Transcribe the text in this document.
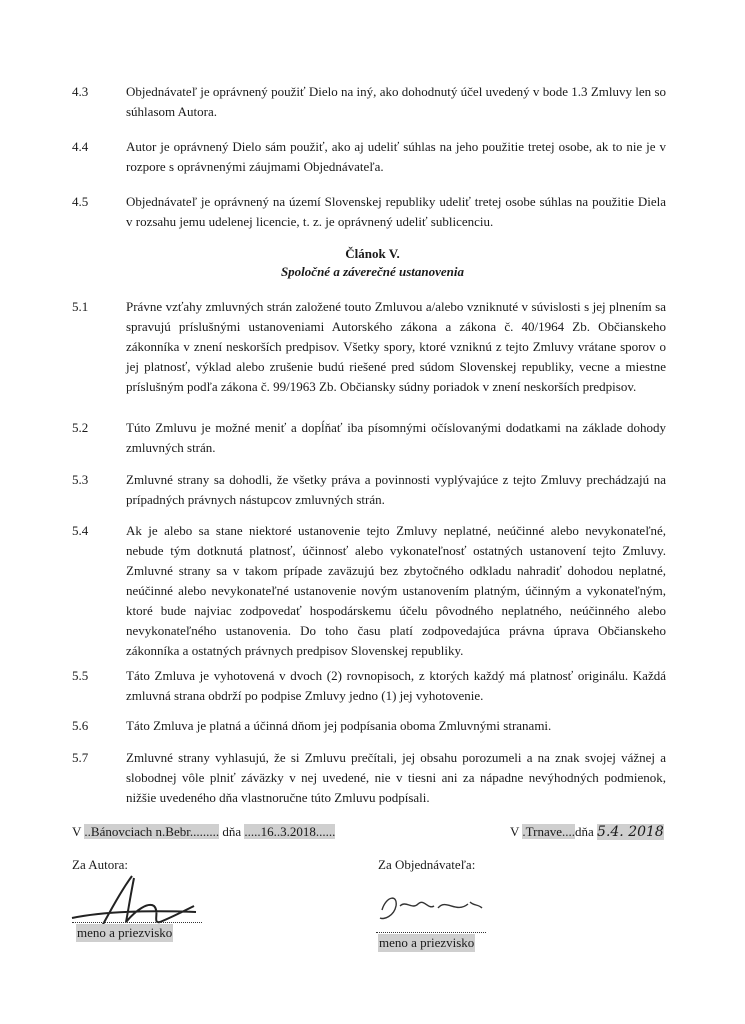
4.3	Objednávateľ je oprávnený použiť Dielo na iný, ako dohodnutý účel uvedený v bode 1.3 Zmluvy len so súhlasom Autora.
4.4	Autor je oprávnený Dielo sám použiť, ako aj udeliť súhlas na jeho použitie tretej osobe, ak to nie je v rozpore s oprávnenými záujmami Objednávateľa.
4.5	Objednávateľ je oprávnený na území Slovenskej republiky udeliť tretej osobe súhlas na použitie Diela v rozsahu jemu udelenej licencie, t. z. je oprávnený udeliť sublicenciu.
Článok V.
Spoločné a záverečné ustanovenia
5.1	Právne vzťahy zmluvných strán založené touto Zmluvou a/alebo vzniknuté v súvislosti s jej plnením sa spravujú príslušnými ustanoveniami Autorského zákona a zákona č. 40/1964 Zb. Občianskeho zákonníka v znení neskorších predpisov. Všetky spory, ktoré vzniknú z tejto Zmluvy vrátane sporov o jej platnosť, výklad alebo zrušenie budú riešené pred súdom Slovenskej republiky, vecne a miestne príslušným podľa zákona č. 99/1963 Zb. Občiansky súdny poriadok v znení neskorších predpisov.
5.2	Túto Zmluvu je možné meniť a dopĺňať iba písomnými očíslovanými dodatkami na základe dohody zmluvných strán.
5.3	Zmluvné strany sa dohodli, že všetky práva a povinnosti vyplývajúce z tejto Zmluvy prechádzajú na prípadných právnych nástupcov zmluvných strán.
5.4	Ak je alebo sa stane niektoré ustanovenie tejto Zmluvy neplatné, neúčinné alebo nevykonateľné, nebude tým dotknutá platnosť, účinnosť alebo vykonateľnosť ostatných ustanovení tejto Zmluvy. Zmluvné strany sa v takom prípade zaväzujú bez zbytočného odkladu nahradiť dohodou neplatné, neúčinné alebo nevykonateľné ustanovenie novým ustanovením platným, účinným a vykonateľným, ktoré bude najviac zodpovedať hospodárskemu účelu pôvodného neplatného, neúčinného alebo nevykonateľného ustanovenia. Do toho času platí zodpovedajúca právna úprava Občianskeho zákonníka a ostatných právnych predpisov Slovenskej republiky.
5.5	Táto Zmluva je vyhotovená v dvoch (2) rovnopisoch, z ktorých každý má platnosť originálu. Každá zmluvná strana obdrží po podpise Zmluvy jedno (1) jej vyhotovenie.
5.6	Táto Zmluva je platná a účinná dňom jej podpísania oboma Zmluvnými stranami.
5.7	Zmluvné strany vyhlasujú, že si Zmluvu prečítali, jej obsahu porozumeli a na znak svojej vážnej a slobodnej vôle plniť záväzky v nej uvedené, nie v tiesni ani za nápadne nevýhodných podmienok, nižšie uvedeného dňa vlastnoručne túto Zmluvu podpísali.
V ..Bánovciach n.Bebr......... dňa .....16..3.2018......	V .Trnave....dňa 5.4. 2018
Za Autora:	Za Objednávateľa:
meno a priezvisko
meno a priezvisko
